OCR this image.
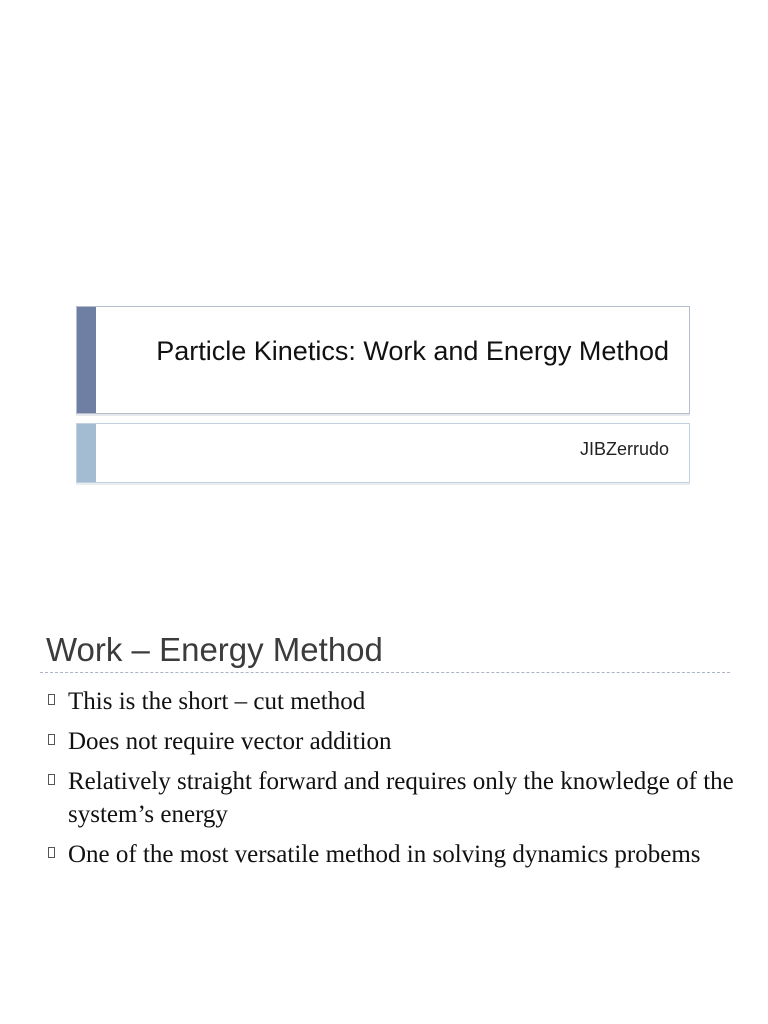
Particle Kinetics: Work and Energy Method
JIBZerrudo
Work – Energy Method
This is the short – cut method
Does not require vector addition
Relatively straight forward and requires only the knowledge of the system’s energy
One of the most versatile method in solving dynamics probems
